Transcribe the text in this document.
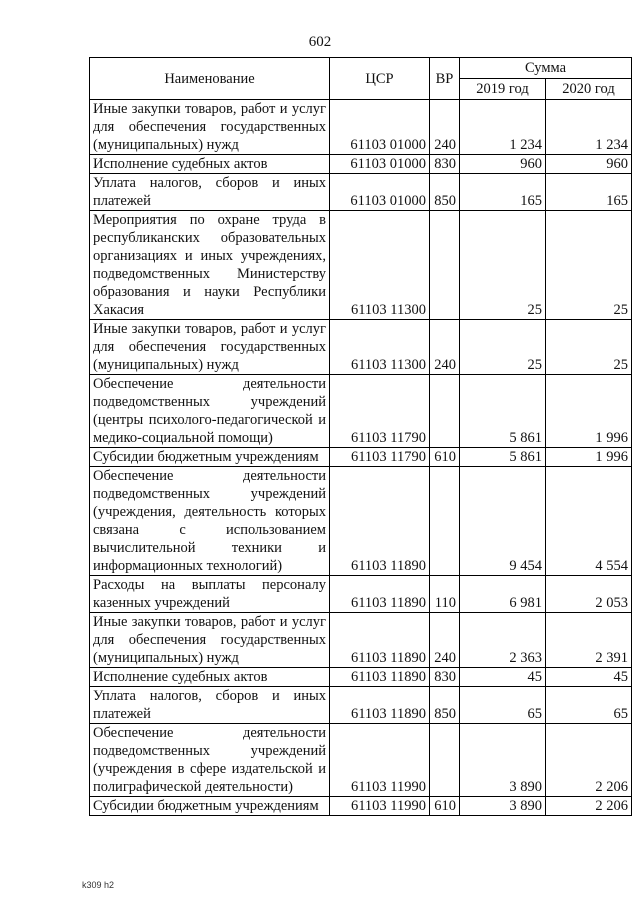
602
Наименование	ЦСР	ВР	Сумма	
			2019 год	2020 год
Иные закупки товаров, работ и услуг для обеспечения государственных (муниципальных) нужд	61103 01000	240	1 234	1 234
Исполнение судебных актов	61103 01000	830	960	960
Уплата налогов, сборов и иных платежей	61103 01000	850	165	165
Мероприятия по охране труда в республиканских образовательных организациях и иных учреждениях, подведомственных Министерству образования и науки Республики Хакасия	61103 11300		25	25
Иные закупки товаров, работ и услуг для обеспечения государственных (муниципальных) нужд	61103 11300	240	25	25
Обеспечение деятельности подведомственных учреждений (центры психолого-педагогической и медико-социальной помощи)	61103 11790		5 861	1 996
Субсидии бюджетным учреждениям	61103 11790	610	5 861	1 996
Обеспечение деятельности подведомственных учреждений (учреждения, деятельность которых связана с использованием вычислительной техники и информационных технологий)	61103 11890		9 454	4 554
Расходы на выплаты персоналу казенных учреждений	61103 11890	110	6 981	2 053
Иные закупки товаров, работ и услуг для обеспечения государственных (муниципальных) нужд	61103 11890	240	2 363	2 391
Исполнение судебных актов	61103 11890	830	45	45
Уплата налогов, сборов и иных платежей	61103 11890	850	65	65
Обеспечение деятельности подведомственных учреждений (учреждения в сфере издательской и полиграфической деятельности)	61103 11990		3 890	2 206
Субсидии бюджетным учреждениям	61103 11990	610	3 890	2 206
k309 h2
